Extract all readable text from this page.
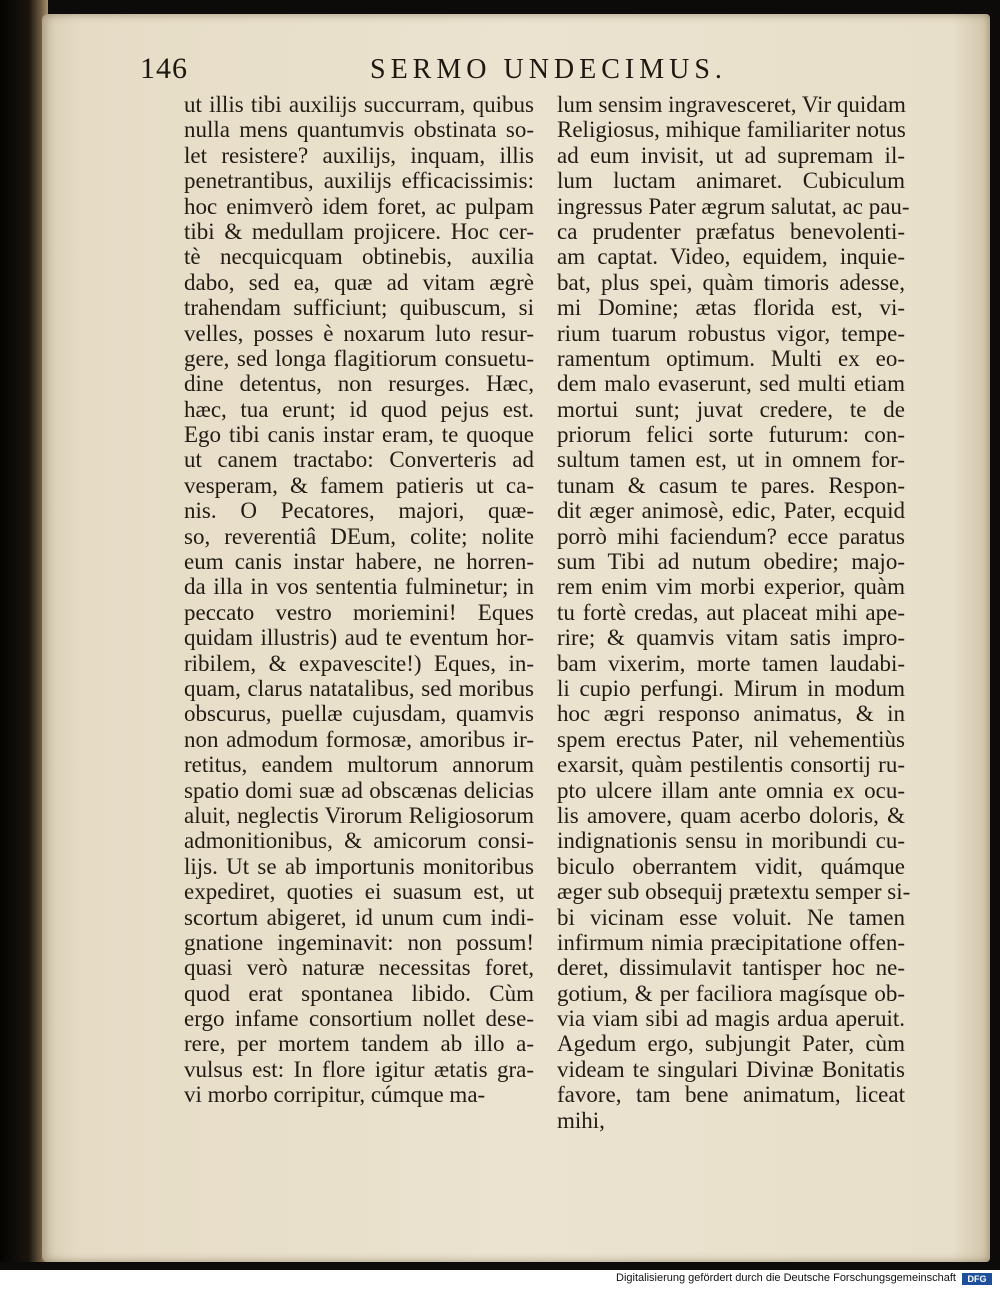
146	SERMO UNDECIMUS.
ut illis tibi auxilijs succurram, quibus
nulla mens quantumvis obstinata so-
let resistere? auxilijs, inquam, illis
penetrantibus, auxilijs efficacissimis:
hoc enimverò idem foret, ac pulpam
tibi & medullam projicere. Hoc cer-
tè necquicquam obtinebis, auxilia
dabo, sed ea, quæ ad vitam ægrè
trahendam sufficiunt; quibuscum, si
velles, posses è noxarum luto resur-
gere, sed longa flagitiorum consuetu-
dine detentus, non resurges. Hæc,
hæc, tua erunt; id quod pejus est.
Ego tibi canis instar eram, te quoque
ut canem tractabo: Converteris ad
vesperam, & famem patieris ut ca-
nis. O Pecatores, majori, quæ-
so, reverentiâ DEum, colite; nolite
eum canis instar habere, ne horren-
da illa in vos sententia fulminetur; in
peccato vestro moriemini! Eques
quidam illustris) aud te eventum hor-
ribilem, & expavescite!) Eques, in-
quam, clarus natatalibus, sed moribus
obscurus, puellæ cujusdam, quamvis
non admodum formosæ, amoribus ir-
retitus, eandem multorum annorum
spatio domi suæ ad obscænas delicias
aluit, neglectis Virorum Religiosorum
admonitionibus, & amicorum consi-
lijs. Ut se ab importunis monitoribus
expediret, quoties ei suasum est, ut
scortum abigeret, id unum cum indi-
gnatione ingeminavit: non possum!
quasi verò naturæ necessitas foret,
quod erat spontanea libido. Cùm
ergo infame consortium nollet dese-
rere, per mortem tandem ab illo a-
vulsus est: In flore igitur ætatis gra-
vi morbo corripitur, cúmque ma-
lum sensim ingravesceret, Vir quidam
Religiosus, mihique familiariter notus
ad eum invisit, ut ad supremam il-
lum luctam animaret. Cubiculum
ingressus Pater ægrum salutat, ac pau-
ca prudenter præfatus benevolenti-
am captat. Video, equidem, inquie-
bat, plus spei, quàm timoris adesse,
mi Domine; ætas florida est, vi-
rium tuarum robustus vigor, tempe-
ramentum optimum. Multi ex eo-
dem malo evaserunt, sed multi etiam
mortui sunt; juvat credere, te de
priorum felici sorte futurum: con-
sultum tamen est, ut in omnem for-
tunam & casum te pares. Respon-
dit æger animosè, edic, Pater, ecquid
porrò mihi faciendum? ecce paratus
sum Tibi ad nutum obedire; majo-
rem enim vim morbi experior, quàm
tu fortè credas, aut placeat mihi ape-
rire; & quamvis vitam satis impro-
bam vixerim, morte tamen laudabi-
li cupio perfungi. Mirum in modum
hoc ægri responso animatus, & in
spem erectus Pater, nil vehementiùs
exarsit, quàm pestilentis consortij ru-
pto ulcere illam ante omnia ex ocu-
lis amovere, quam acerbo doloris, &
indignationis sensu in moribundi cu-
biculo oberrantem vidit, quámque
æger sub obsequij prætextu semper si-
bi vicinam esse voluit. Ne tamen
infirmum nimia præcipitatione offen-
deret, dissimulavit tantisper hoc ne-
gotium, & per faciliora magísque ob-
via viam sibi ad magis ardua aperuit.
Agedum ergo, subjungit Pater, cùm
videam te singulari Divinæ Bonitatis
favore, tam bene animatum, liceat
mihi,
Digitalisierung gefördert durch die Deutsche Forschungsgemeinschaft	DFG
